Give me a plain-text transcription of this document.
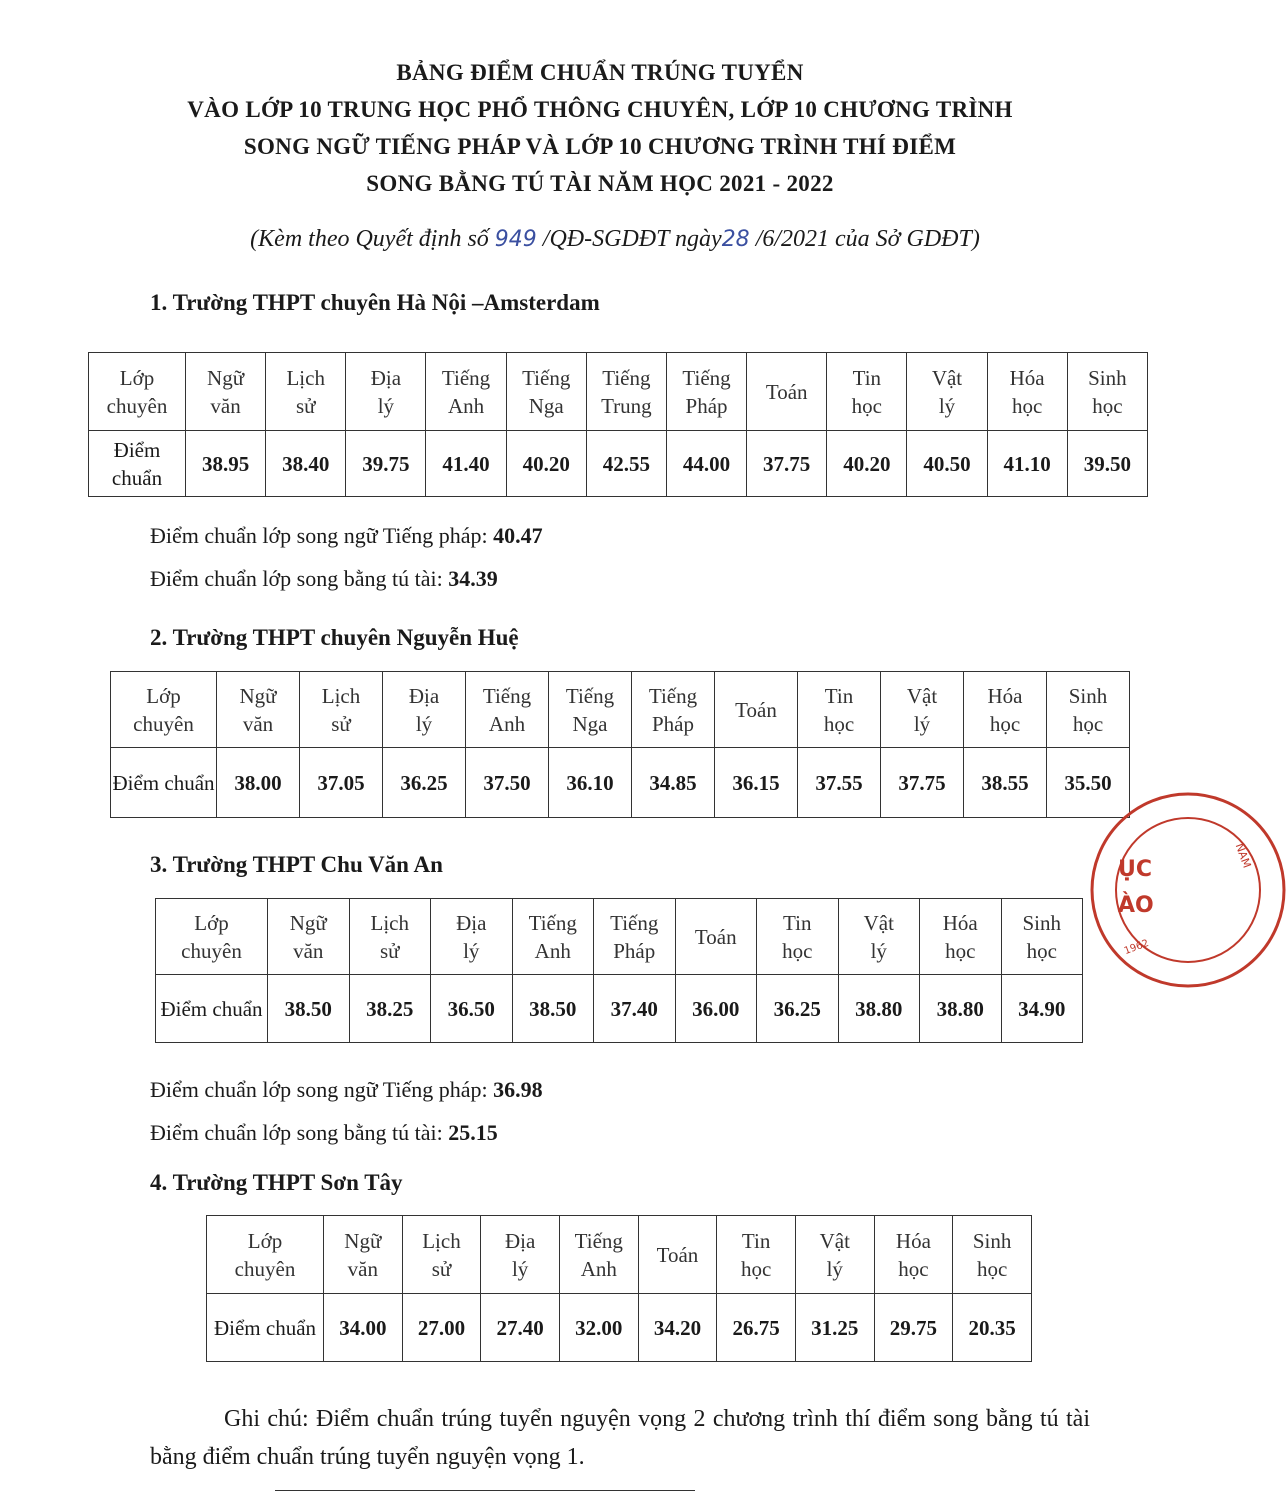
BẢNG ĐIỂM CHUẨN TRÚNG TUYỂN
VÀO LỚP 10 TRUNG HỌC PHỔ THÔNG CHUYÊN, LỚP 10 CHƯƠNG TRÌNH
SONG NGỮ TIẾNG PHÁP VÀ LỚP 10 CHƯƠNG TRÌNH THÍ ĐIỂM
SONG BẰNG TÚ TÀI NĂM HỌC 2021 - 2022
(Kèm theo Quyết định số 949 /QĐ-SGDĐT ngày28 /6/2021 của Sở GDĐT)
1. Trường THPT chuyên Hà Nội –Amsterdam
Lớp chuyên	Ngữ văn	Lịch sử	Địa lý	Tiếng Anh	Tiếng Nga	Tiếng Trung	Tiếng Pháp	Toán	Tin học	Vật lý	Hóa học	Sinh học
Điểm chuẩn	38.95	38.40	39.75	41.40	40.20	42.55	44.00	37.75	40.20	40.50	41.10	39.50
Điểm chuẩn lớp song ngữ Tiếng pháp: 40.47
Điểm chuẩn lớp song bằng tú tài: 34.39
2. Trường THPT chuyên Nguyễn Huệ
Lớp chuyên	Ngữ văn	Lịch sử	Địa lý	Tiếng Anh	Tiếng Nga	Tiếng Pháp	Toán	Tin học	Vật lý	Hóa học	Sinh học
Điểm chuẩn	38.00	37.05	36.25	37.50	36.10	34.85	36.15	37.55	37.75	38.55	35.50
3. Trường THPT Chu Văn An
Lớp chuyên	Ngữ văn	Lịch sử	Địa lý	Tiếng Anh	Tiếng Pháp	Toán	Tin học	Vật lý	Hóa học	Sinh học
Điểm chuẩn	38.50	38.25	36.50	38.50	37.40	36.00	36.25	38.80	38.80	34.90
Điểm chuẩn lớp song ngữ Tiếng pháp: 36.98
Điểm chuẩn lớp song bằng tú tài: 25.15
4. Trường THPT Sơn Tây
Lớp chuyên	Ngữ văn	Lịch sử	Địa lý	Tiếng Anh	Toán	Tin học	Vật lý	Hóa học	Sinh học
Điểm chuẩn	34.00	27.00	27.40	32.00	34.20	26.75	31.25	29.75	20.35
Ghi chú: Điểm chuẩn trúng tuyển nguyện vọng 2 chương trình thí điểm song bằng tú tài bằng điểm chuẩn trúng tuyển nguyện vọng 1.
ỤC
ÀO
NAM
1962
